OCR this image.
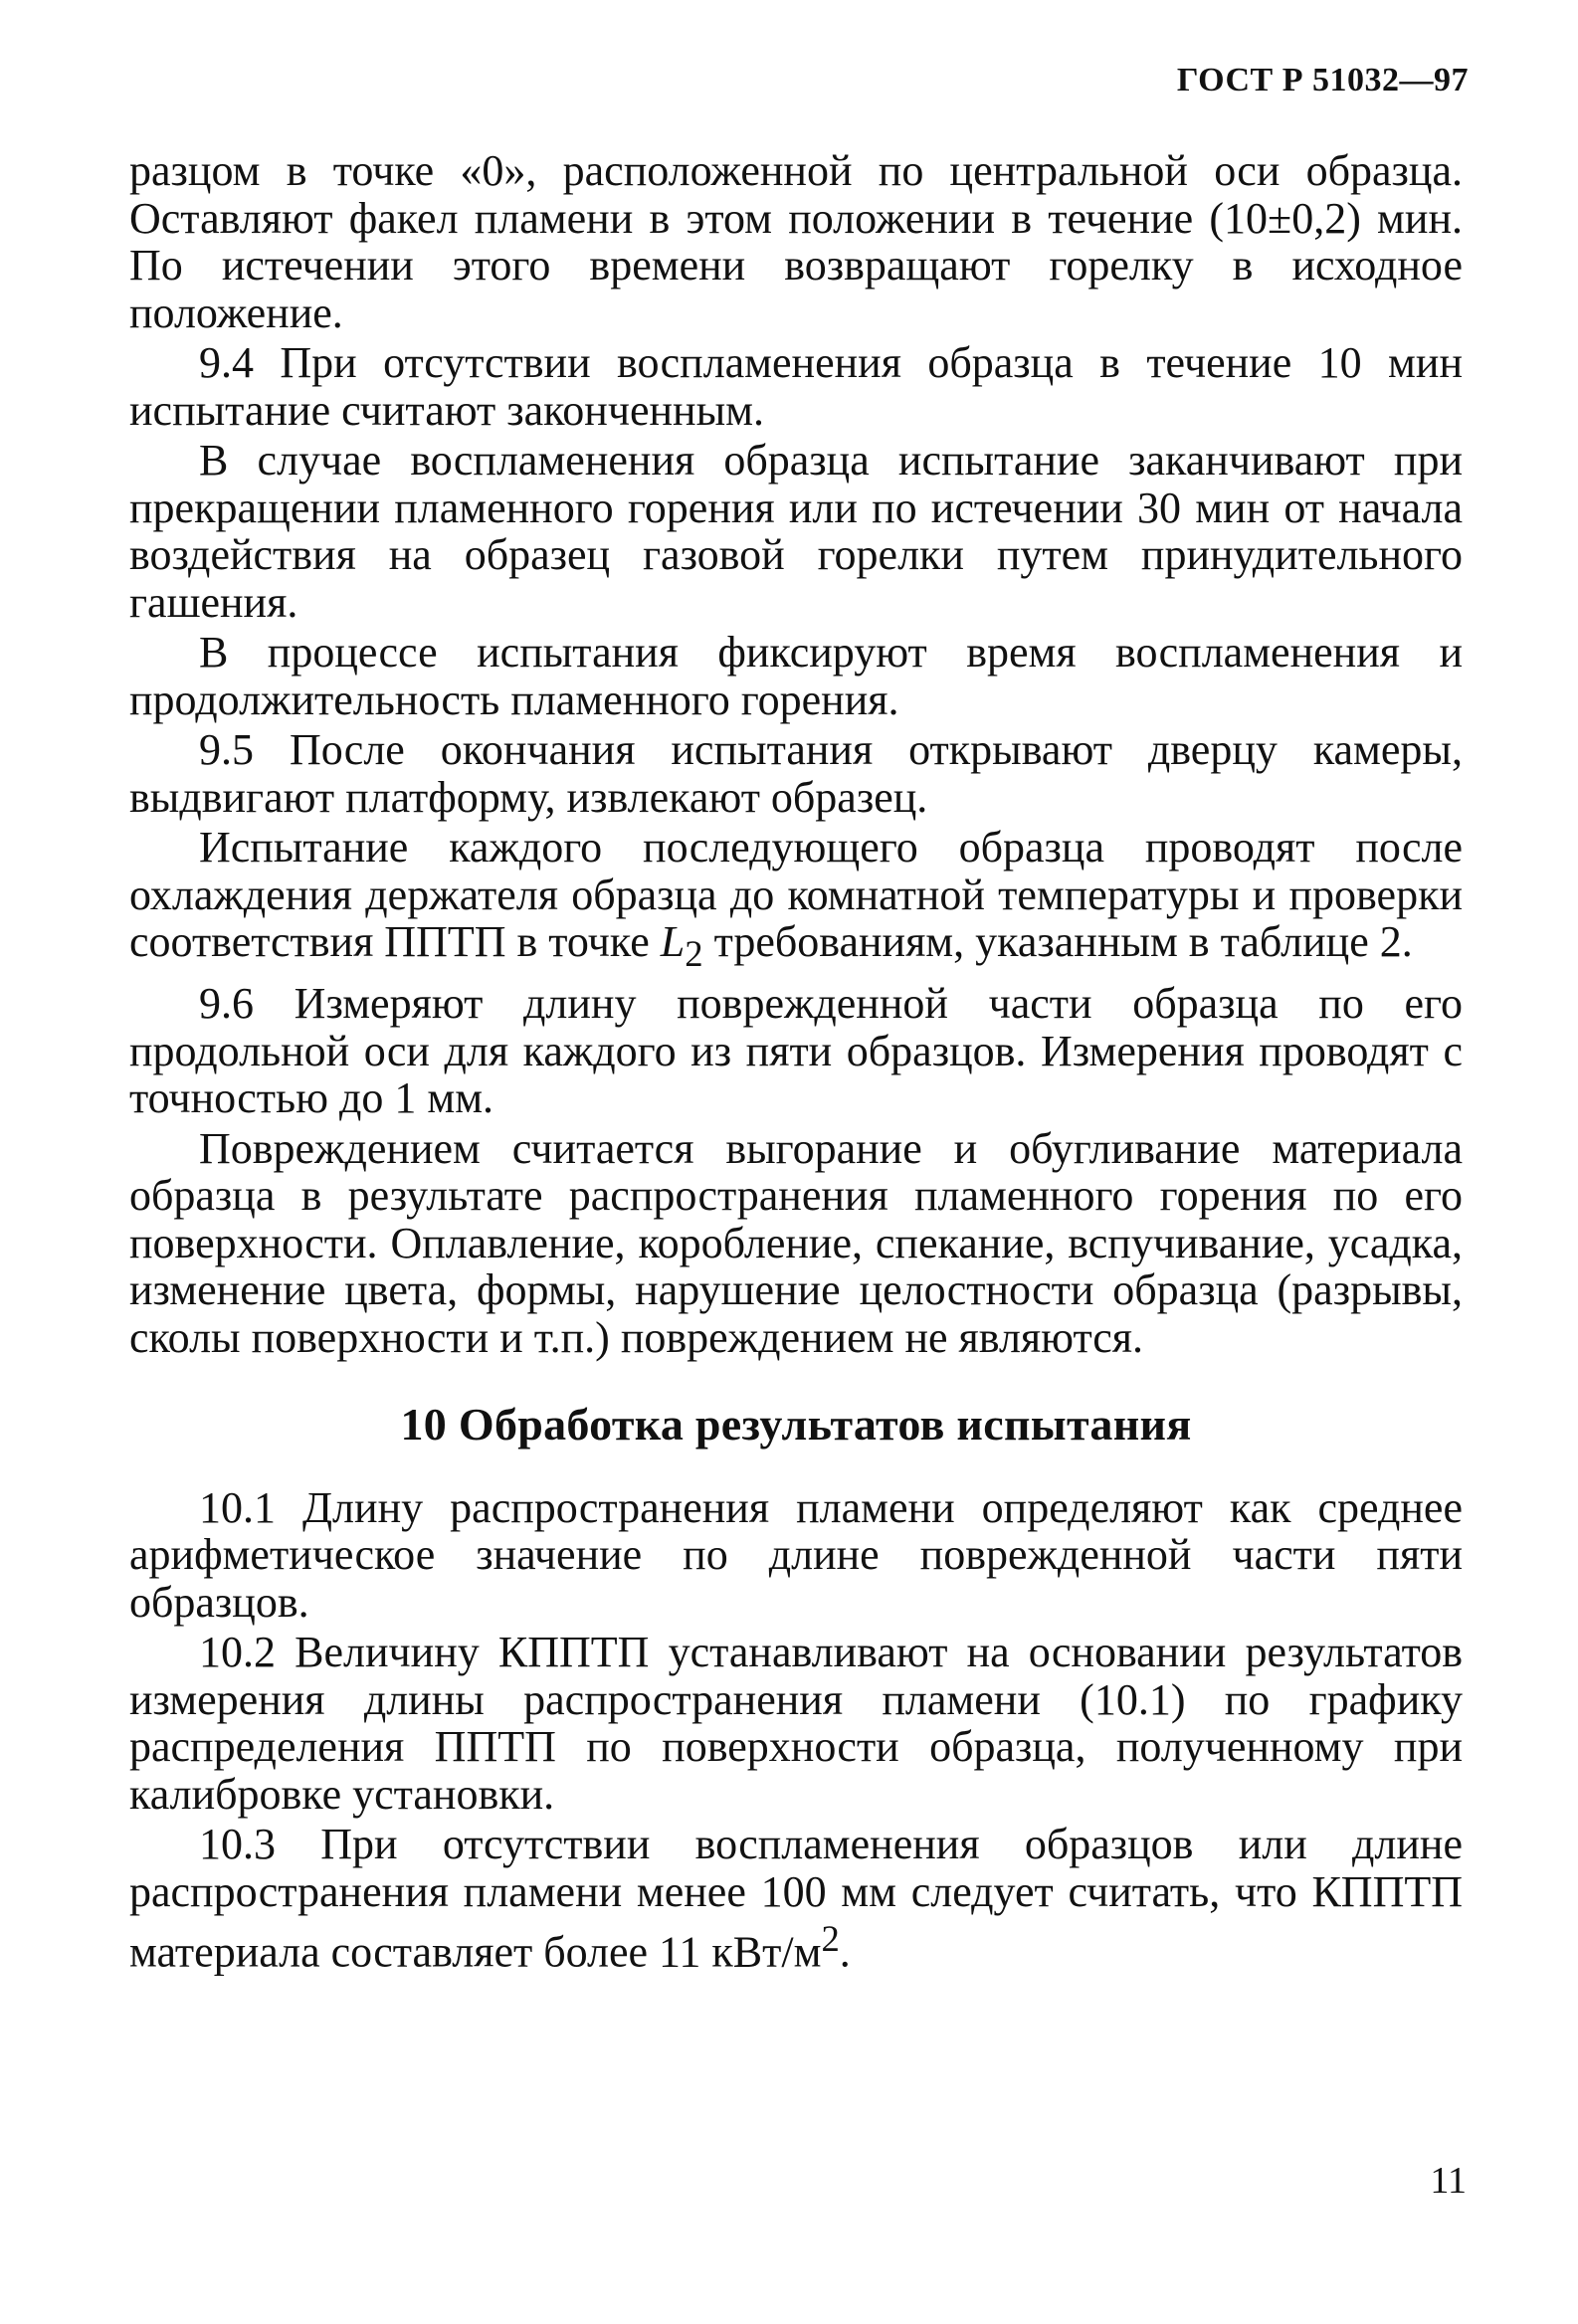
ГОСТ Р 51032—97

разцом в точке «0», расположенной по центральной оси образца. Оставляют факел пламени в этом положении в течение (10±0,2) мин. По истечении этого времени возвращают горелку в исходное положение.

9.4 При отсутствии воспламенения образца в течение 10 мин испытание считают законченным.

В случае воспламенения образца испытание заканчивают при прекращении пламенного горения или по истечении 30 мин от начала воздействия на образец газовой горелки путем принудительного гашения.

В процессе испытания фиксируют время воспламенения и продолжительность пламенного горения.

9.5 После окончания испытания открывают дверцу камеры, выдвигают платформу, извлекают образец.

Испытание каждого последующего образца проводят после охлаждения держателя образца до комнатной температуры и проверки соответствия ППТП в точке $L_2$ требованиям, указанным в таблице 2.

9.6 Измеряют длину поврежденной части образца по его продольной оси для каждого из пяти образцов. Измерения проводят с точностью до 1 мм.

Повреждением считается выгорание и обугливание материала образца в результате распространения пламенного горения по его поверхности. Оплавление, коробление, спекание, вспучивание, усадка, изменение цвета, формы, нарушение целостности образца (разрывы, сколы поверхности и т.п.) повреждением не являются.

10 Обработка результатов испытания

10.1 Длину распространения пламени определяют как среднее арифметическое значение по длине поврежденной части пяти образцов.

10.2 Величину КППТП устанавливают на основании результатов измерения длины распространения пламени (10.1) по графику распределения ППТП по поверхности образца, полученному при калибровке установки.

10.3 При отсутствии воспламенения образцов или длине распространения пламени менее 100 мм следует считать, что КППТП материала составляет более 11 кВт/$м^2$.

11
